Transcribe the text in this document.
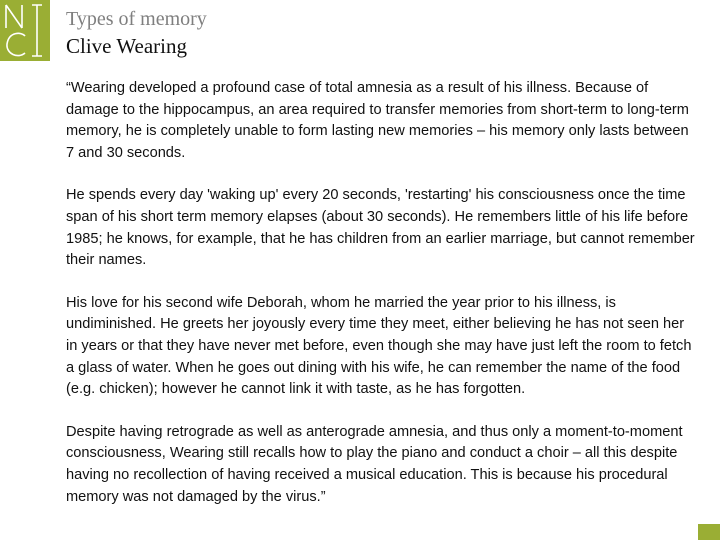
Types of memory
Clive Wearing

“Wearing developed a profound case of total amnesia as a result of his illness. Because of damage to the hippocampus, an area required to transfer memories from short-term to long-term memory, he is completely unable to form lasting new memories – his memory only lasts between 7 and 30 seconds.

He spends every day 'waking up' every 20 seconds, 'restarting' his consciousness once the time span of his short term memory elapses (about 30 seconds). He remembers little of his life before 1985; he knows, for example, that he has children from an earlier marriage, but cannot remember their names.

His love for his second wife Deborah, whom he married the year prior to his illness, is undiminished. He greets her joyously every time they meet, either believing he has not seen her in years or that they have never met before, even though she may have just left the room to fetch a glass of water. When he goes out dining with his wife, he can remember the name of the food (e.g. chicken); however he cannot link it with taste, as he has forgotten.

Despite having retrograde as well as anterograde amnesia, and thus only a moment-to-moment consciousness, Wearing still recalls how to play the piano and conduct a choir – all this despite having no recollection of having received a musical education. This is because his procedural memory was not damaged by the virus.”
